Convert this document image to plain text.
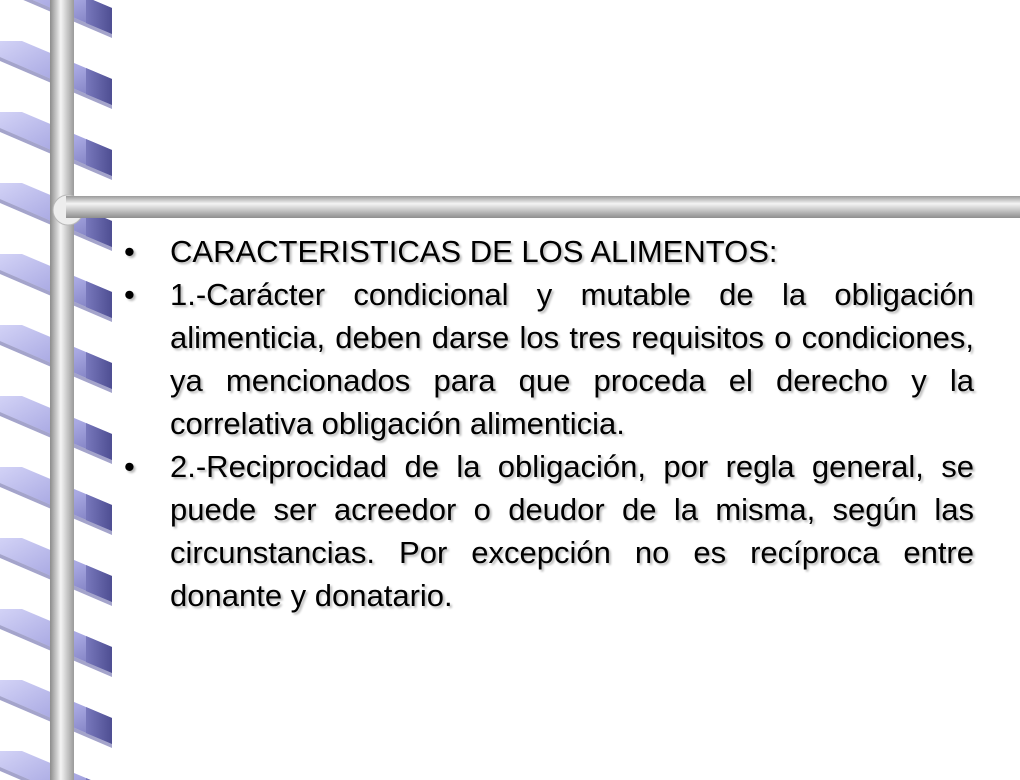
•	CARACTERISTICAS DE LOS ALIMENTOS:
•	1.-Carácter condicional y mutable de la obligación alimenticia, deben darse los tres requisitos o condiciones, ya mencionados para que proceda el derecho y la correlativa obligación alimenticia.
•	2.-Reciprocidad de la obligación, por regla general, se puede ser acreedor o deudor de la misma, según las circunstancias. Por excepción no es recíproca entre donante y donatario.
